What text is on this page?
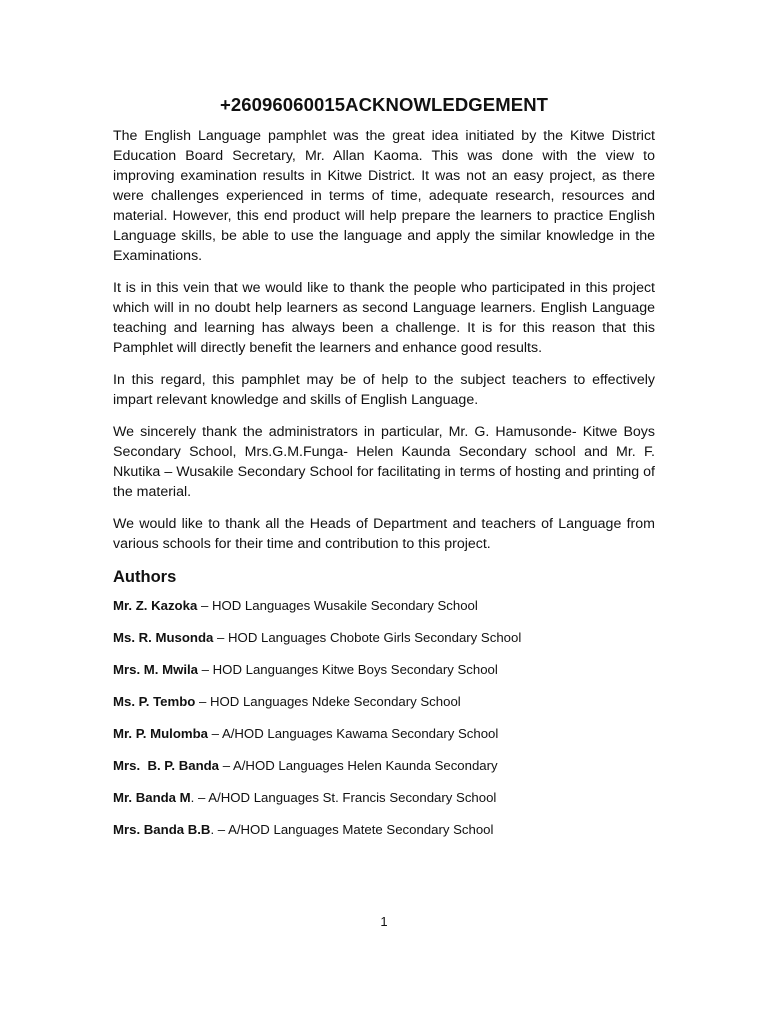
+26096060015ACKNOWLEDGEMENT

The English Language pamphlet was the great idea initiated by the Kitwe District Education Board Secretary, Mr. Allan Kaoma. This was done with the view to improving examination results in Kitwe District. It was not an easy project, as there were challenges experienced in terms of time, adequate research, resources and material. However, this end product will help prepare the learners to practice English Language skills, be able to use the language and apply the similar knowledge in the Examinations.

It is in this vein that we would like to thank the people who participated in this project which will in no doubt help learners as second Language learners. English Language teaching and learning has always been a challenge. It is for this reason that this Pamphlet will directly benefit the learners and enhance good results.

In this regard, this pamphlet may be of help to the subject teachers to effectively impart relevant knowledge and skills of English Language.

We sincerely thank the administrators in particular, Mr. G. Hamusonde- Kitwe Boys Secondary School, Mrs.G.M.Funga- Helen Kaunda Secondary school and Mr. F. Nkutika – Wusakile Secondary School for facilitating in terms of hosting and printing of the material.

We would like to thank all the Heads of Department and teachers of Language from various schools for their time and contribution to this project.

Authors
Mr. Z. Kazoka – HOD Languages Wusakile Secondary School
Ms. R. Musonda – HOD Languages Chobote Girls Secondary School
Mrs. M. Mwila – HOD Languanges Kitwe Boys Secondary School
Ms. P. Tembo – HOD Languages Ndeke Secondary School
Mr. P. Mulomba – A/HOD Languages Kawama Secondary School
Mrs.  B. P. Banda – A/HOD Languages Helen Kaunda Secondary
Mr. Banda M. – A/HOD Languages St. Francis Secondary School
Mrs. Banda B.B. – A/HOD Languages Matete Secondary School
1
